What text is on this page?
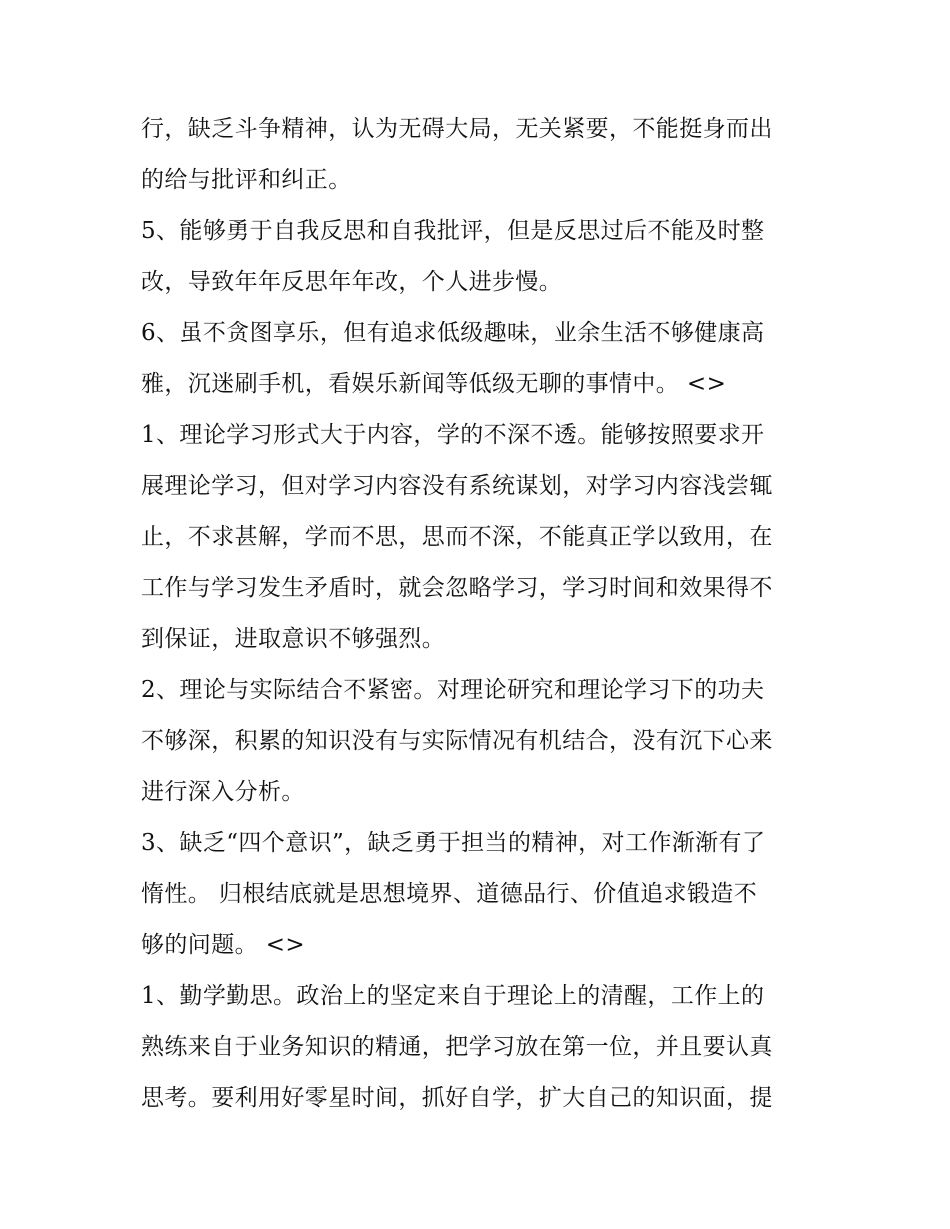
行，缺乏斗争精神，认为无碍大局，无关紧要，不能挺身而出
的给与批评和纠正。
5、能够勇于自我反思和自我批评，但是反思过后不能及时整
改，导致年年反思年年改，个人进步慢。
6、虽不贪图享乐，但有追求低级趣味，业余生活不够健康高
雅，沉迷刷手机，看娱乐新闻等低级无聊的事情中。 <>
1、理论学习形式大于内容，学的不深不透。能够按照要求开
展理论学习，但对学习内容没有系统谋划，对学习内容浅尝辄
止，不求甚解，学而不思，思而不深，不能真正学以致用，在
工作与学习发生矛盾时，就会忽略学习，学习时间和效果得不
到保证，进取意识不够强烈。
2、理论与实际结合不紧密。对理论研究和理论学习下的功夫
不够深，积累的知识没有与实际情况有机结合，没有沉下心来
进行深入分析。
3、缺乏“四个意识”，缺乏勇于担当的精神，对工作渐渐有了
惰性。 归根结底就是思想境界、道德品行、价值追求锻造不
够的问题。 <>
1、勤学勤思。政治上的坚定来自于理论上的清醒，工作上的
熟练来自于业务知识的精通，把学习放在第一位，并且要认真
思考。要利用好零星时间，抓好自学，扩大自己的知识面，提
